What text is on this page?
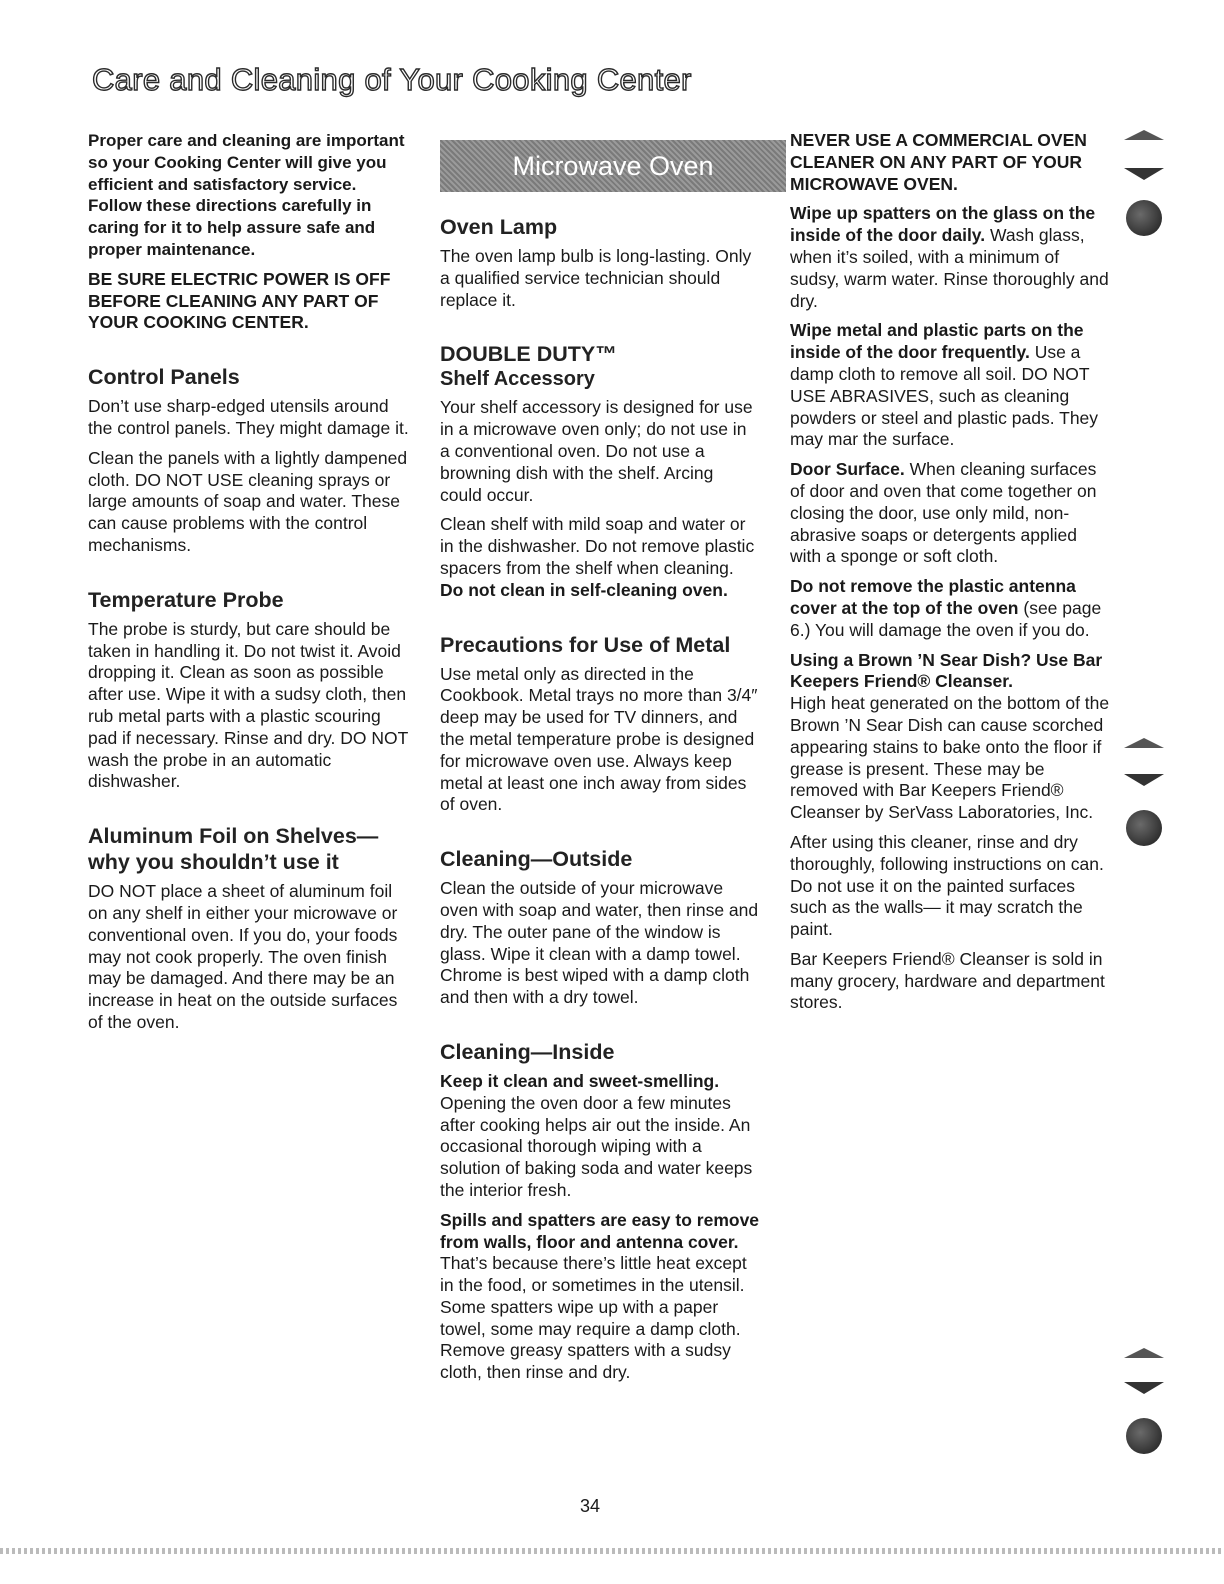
Care and Cleaning of Your Cooking Center

Proper care and cleaning are important so your Cooking Center will give you efficient and satisfactory service. Follow these directions carefully in caring for it to help assure safe and proper maintenance.

BE SURE ELECTRIC POWER IS OFF BEFORE CLEANING ANY PART OF YOUR COOKING CENTER.

Control Panels

Don’t use sharp-edged utensils around the control panels. They might damage it.

Clean the panels with a lightly dampened cloth. DO NOT USE cleaning sprays or large amounts of soap and water. These can cause problems with the control mechanisms.

Temperature Probe

The probe is sturdy, but care should be taken in handling it. Do not twist it. Avoid dropping it. Clean as soon as possible after use. Wipe it with a sudsy cloth, then rub metal parts with a plastic scouring pad if necessary. Rinse and dry. DO NOT wash the probe in an automatic dishwasher.

Aluminum Foil on Shelves— why you shouldn’t use it

DO NOT place a sheet of aluminum foil on any shelf in either your microwave or conventional oven. If you do, your foods may not cook properly. The oven finish may be damaged. And there may be an increase in heat on the outside surfaces of the oven.

Microwave Oven
Oven Lamp

The oven lamp bulb is long-lasting. Only a qualified service technician should replace it.

DOUBLE DUTY™
Shelf Accessory

Your shelf accessory is designed for use in a microwave oven only; do not use in a conventional oven. Do not use a browning dish with the shelf. Arcing could occur.

Clean shelf with mild soap and water or in the dishwasher. Do not remove plastic spacers from the shelf when cleaning. Do not clean in self-cleaning oven.

Precautions for Use of Metal

Use metal only as directed in the Cookbook. Metal trays no more than 3/4″ deep may be used for TV dinners, and the metal temperature probe is designed for microwave oven use. Always keep metal at least one inch away from sides of oven.

Cleaning—Outside

Clean the outside of your microwave oven with soap and water, then rinse and dry. The outer pane of the window is glass. Wipe it clean with a damp towel. Chrome is best wiped with a damp cloth and then with a dry towel.

Cleaning—Inside

Keep it clean and sweet-smelling. Opening the oven door a few minutes after cooking helps air out the inside. An occasional thorough wiping with a solution of baking soda and water keeps the interior fresh.

Spills and spatters are easy to remove from walls, floor and antenna cover. That’s because there’s little heat except in the food, or sometimes in the utensil. Some spatters wipe up with a paper towel, some may require a damp cloth. Remove greasy spatters with a sudsy cloth, then rinse and dry.

NEVER USE A COMMERCIAL OVEN CLEANER ON ANY PART OF YOUR MICROWAVE OVEN.

Wipe up spatters on the glass on the inside of the door daily. Wash glass, when it’s soiled, with a minimum of sudsy, warm water. Rinse thoroughly and dry.

Wipe metal and plastic parts on the inside of the door frequently. Use a damp cloth to remove all soil. DO NOT USE ABRASIVES, such as cleaning powders or steel and plastic pads. They may mar the surface.

Door Surface. When cleaning surfaces of door and oven that come together on closing the door, use only mild, non-abrasive soaps or detergents applied with a sponge or soft cloth.

Do not remove the plastic antenna cover at the top of the oven (see page 6.) You will damage the oven if you do.

Using a Brown ’N Sear Dish? Use Bar Keepers Friend® Cleanser.
High heat generated on the bottom of the Brown ’N Sear Dish can cause scorched appearing stains to bake onto the floor if grease is present. These may be removed with Bar Keepers Friend® Cleanser by SerVass Laboratories, Inc.

After using this cleaner, rinse and dry thoroughly, following instructions on can. Do not use it on the painted surfaces such as the walls— it may scratch the paint.

Bar Keepers Friend® Cleanser is sold in many grocery, hardware and department stores.

34
